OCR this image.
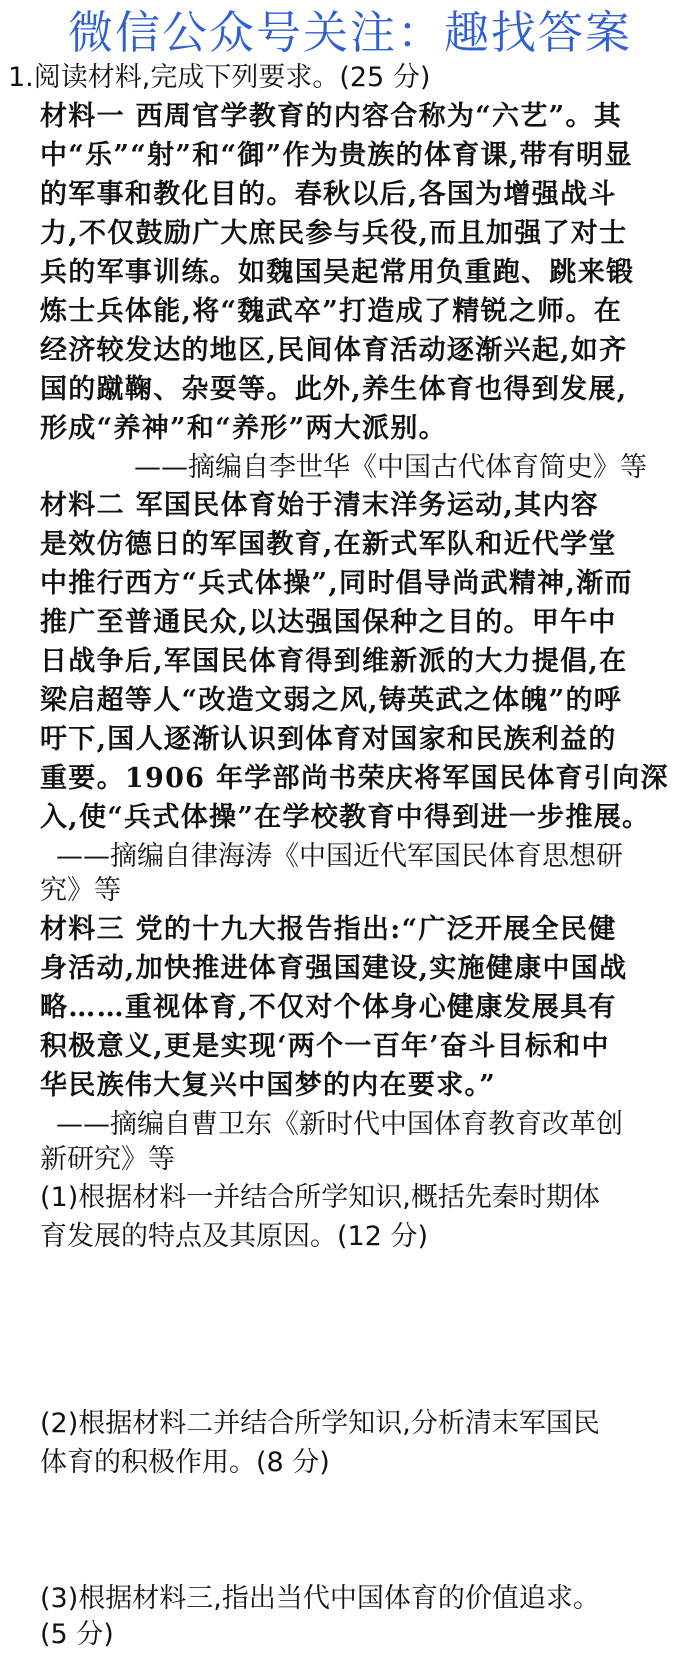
微信公众号关注：趣找答案
1.阅读材料,完成下列要求。(25 分)
材料一 西周官学教育的内容合称为“六艺”。其
中“乐”“射”和“御”作为贵族的体育课,带有明显
的军事和教化目的。春秋以后,各国为增强战斗
力,不仅鼓励广大庶民参与兵役,而且加强了对士
兵的军事训练。如魏国吴起常用负重跑、跳来锻
炼士兵体能,将“魏武卒”打造成了精锐之师。在
经济较发达的地区,民间体育活动逐渐兴起,如齐
国的蹴鞠、杂耍等。此外,养生体育也得到发展,
形成“养神”和“养形”两大派别。
——摘编自李世华《中国古代体育简史》等
材料二 军国民体育始于清末洋务运动,其内容
是效仿德日的军国教育,在新式军队和近代学堂
中推行西方“兵式体操”,同时倡导尚武精神,渐而
推广至普通民众,以达强国保种之目的。甲午中
日战争后,军国民体育得到维新派的大力提倡,在
梁启超等人“改造文弱之风,铸英武之体魄”的呼
吁下,国人逐渐认识到体育对国家和民族利益的
重要。1906 年学部尚书荣庆将军国民体育引向深
入,使“兵式体操”在学校教育中得到进一步推展。
——摘编自律海涛《中国近代军国民体育思想研
究》等
材料三 党的十九大报告指出:“广泛开展全民健
身活动,加快推进体育强国建设,实施健康中国战
略……重视体育,不仅对个体身心健康发展具有
积极意义,更是实现‘两个一百年’奋斗目标和中
华民族伟大复兴中国梦的内在要求。”
——摘编自曹卫东《新时代中国体育教育改革创
新研究》等
(1)根据材料一并结合所学知识,概括先秦时期体
育发展的特点及其原因。(12 分)
(2)根据材料二并结合所学知识,分析清末军国民
体育的积极作用。(8 分)
(3)根据材料三,指出当代中国体育的价值追求。
(5 分)
